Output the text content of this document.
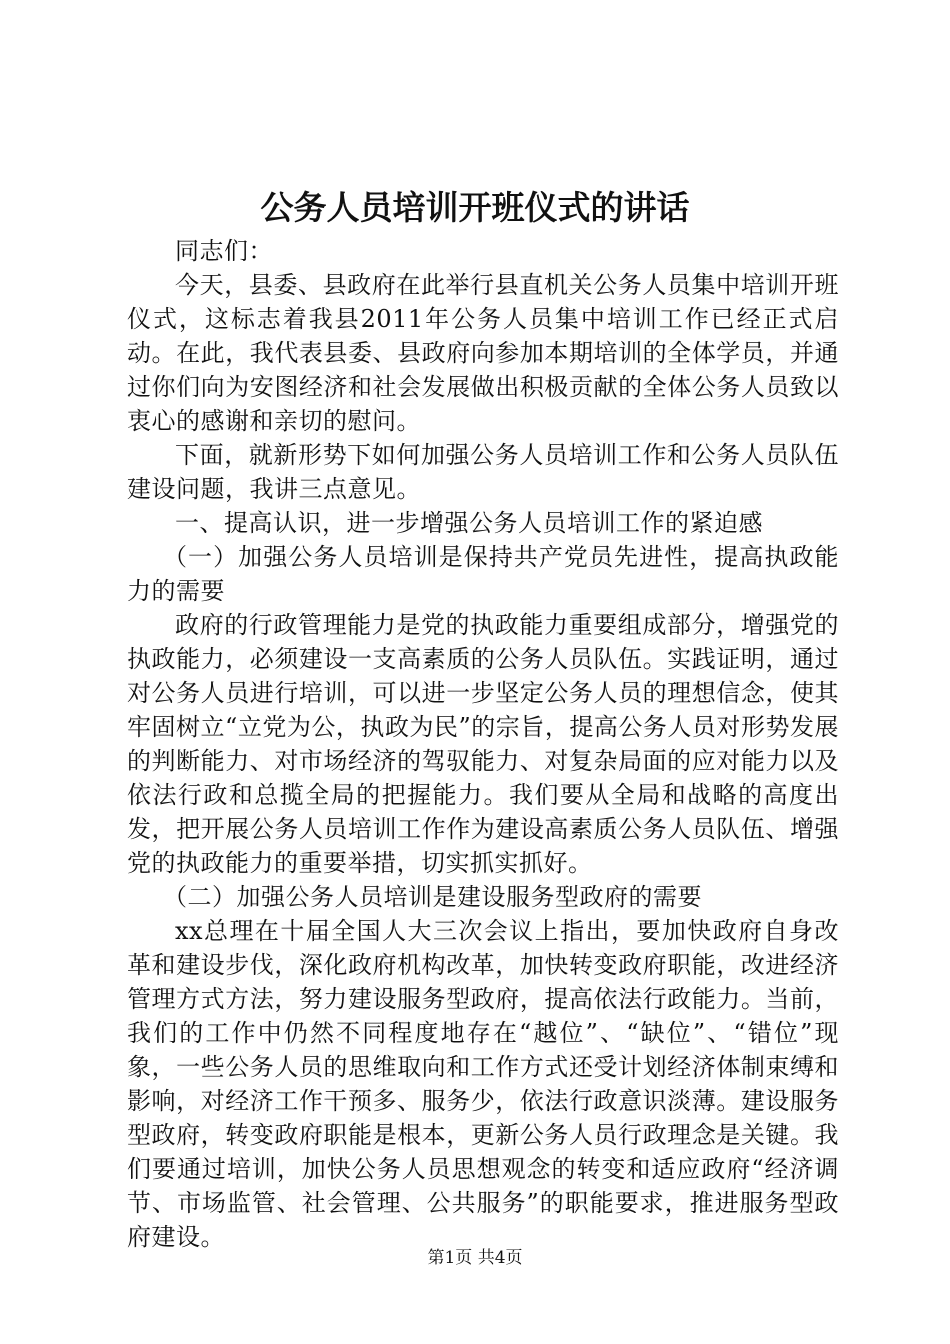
公务人员培训开班仪式的讲话

同志们：

今天，县委、县政府在此举行县直机关公务人员集中培训开班仪式，这标志着我县2011年公务人员集中培训工作已经正式启动。在此，我代表县委、县政府向参加本期培训的全体学员，并通过你们向为安图经济和社会发展做出积极贡献的全体公务人员致以衷心的感谢和亲切的慰问。

下面，就新形势下如何加强公务人员培训工作和公务人员队伍建设问题，我讲三点意见。

一、提高认识，进一步增强公务人员培训工作的紧迫感

（一）加强公务人员培训是保持共产党员先进性，提高执政能力的需要

政府的行政管理能力是党的执政能力重要组成部分，增强党的执政能力，必须建设一支高素质的公务人员队伍。实践证明，通过对公务人员进行培训，可以进一步坚定公务人员的理想信念，使其牢固树立“立党为公，执政为民”的宗旨，提高公务人员对形势发展的判断能力、对市场经济的驾驭能力、对复杂局面的应对能力以及依法行政和总揽全局的把握能力。我们要从全局和战略的高度出发，把开展公务人员培训工作作为建设高素质公务人员队伍、增强党的执政能力的重要举措，切实抓实抓好。

（二）加强公务人员培训是建设服务型政府的需要

xx总理在十届全国人大三次会议上指出，要加快政府自身改革和建设步伐，深化政府机构改革，加快转变政府职能，改进经济管理方式方法，努力建设服务型政府，提高依法行政能力。当前，我们的工作中仍然不同程度地存在“越位”、“缺位”、“错位”现象，一些公务人员的思维取向和工作方式还受计划经济体制束缚和影响，对经济工作干预多、服务少，依法行政意识淡薄。建设服务型政府，转变政府职能是根本，更新公务人员行政理念是关键。我们要通过培训，加快公务人员思想观念的转变和适应政府“经济调节、市场监管、社会管理、公共服务”的职能要求，推进服务型政府建设。

第1页 共4页
